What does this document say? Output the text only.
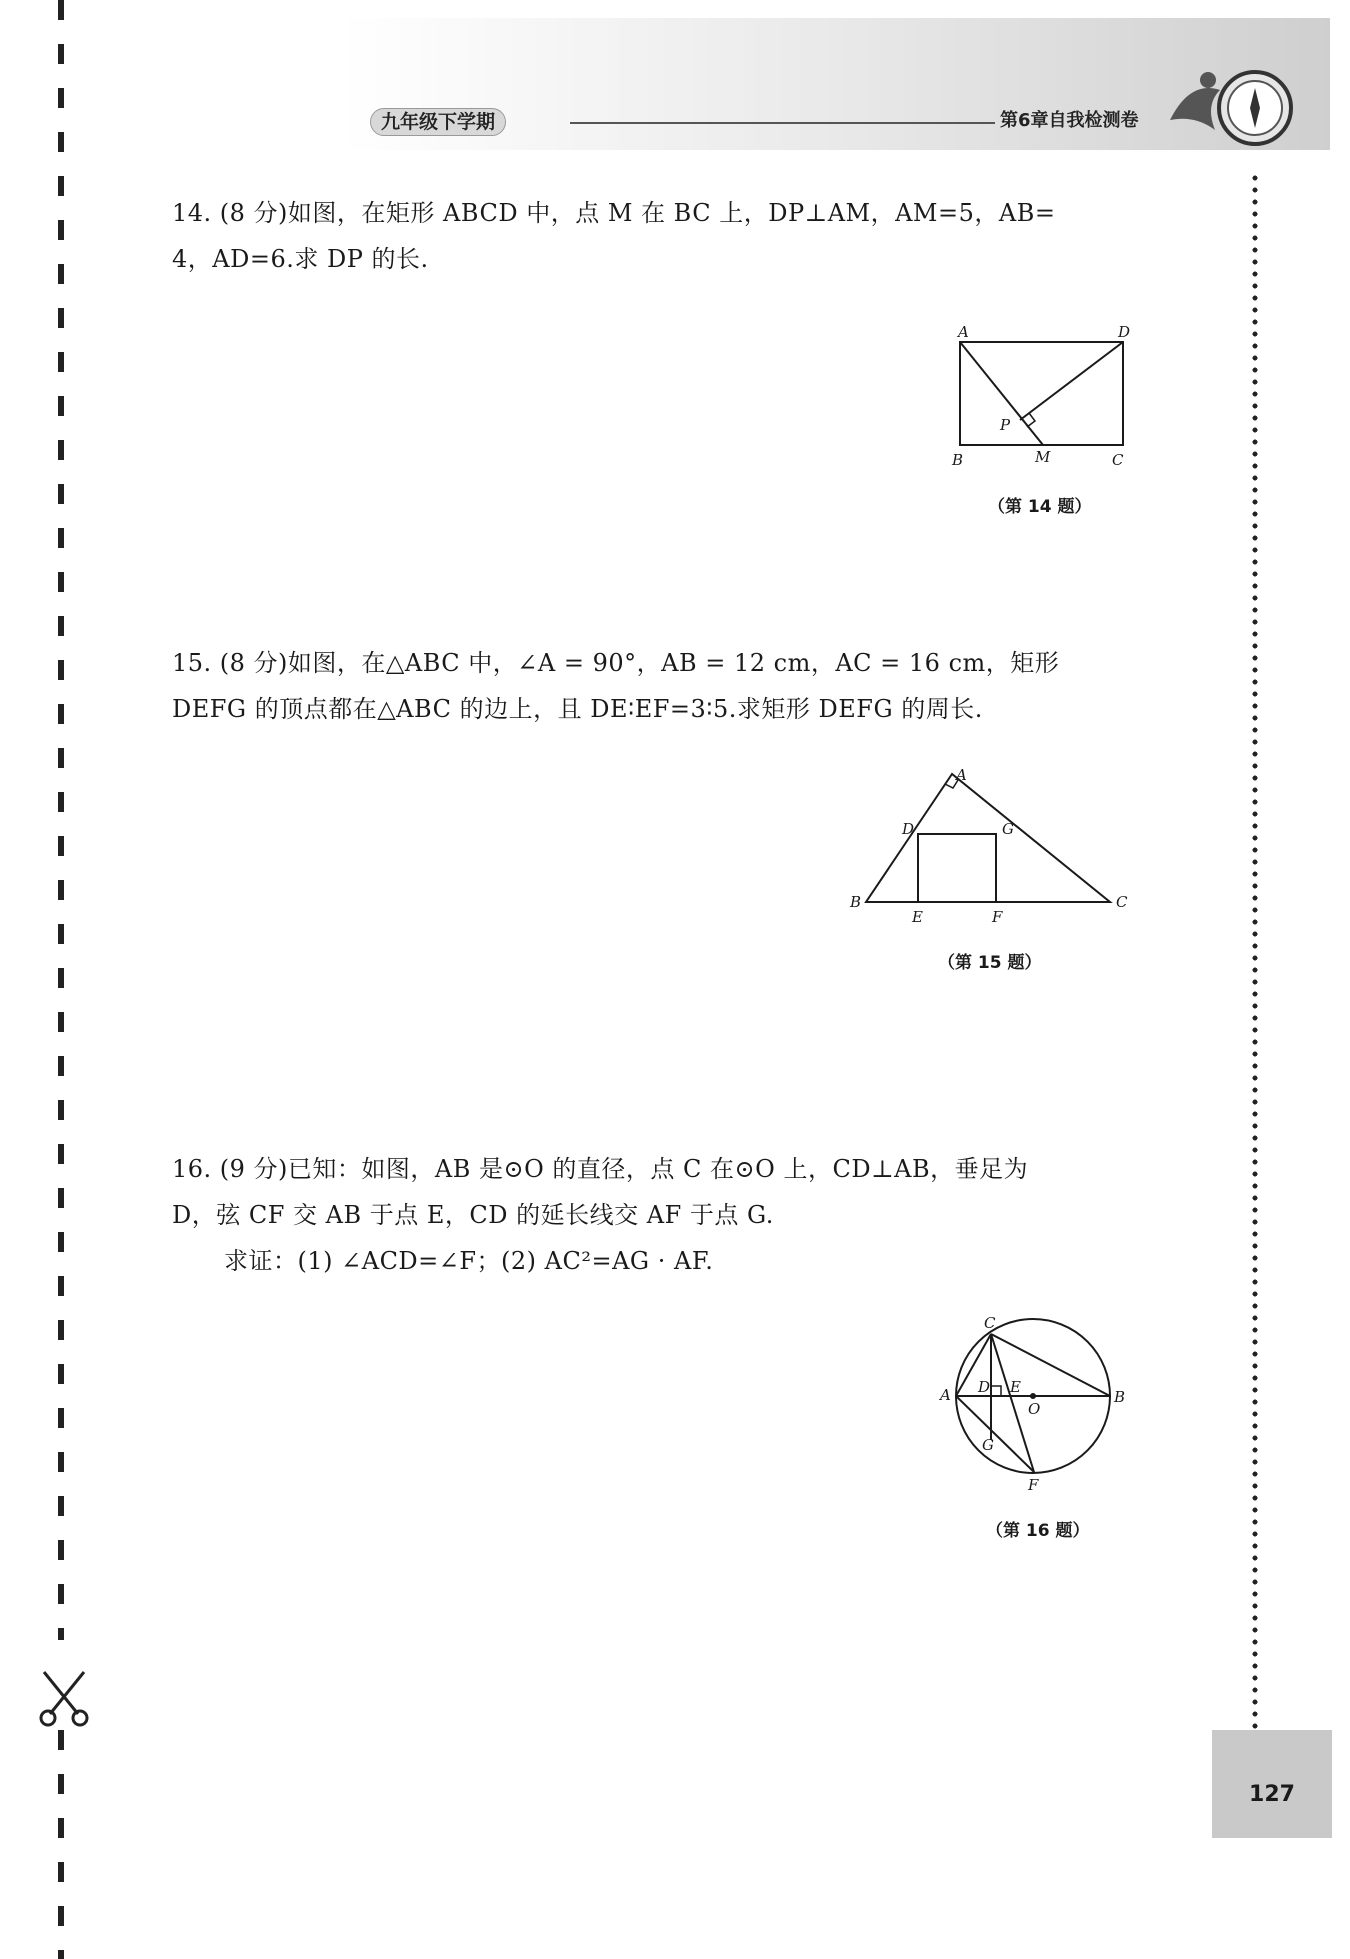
九年级下学期	第6章自我检测卷
127
14. (8 分)如图，在矩形 ABCD 中，点 M 在 BC 上，DP⊥AM，AM=5，AB=
4，AD=6.求 DP 的长.
A	D
P
B	M	C
（第 14 题）
15. (8 分)如图，在△ABC 中，∠A = 90°，AB = 12 cm，AC = 16 cm，矩形
DEFG 的顶点都在△ABC 的边上，且 DE∶EF=3∶5.求矩形 DEFG 的周长.
A
D	G
B
E	F
C
（第 15 题）
16. (9 分)已知：如图，AB 是⊙O 的直径，点 C 在⊙O 上，CD⊥AB，垂足为
D，弦 CF 交 AB 于点 E，CD 的延长线交 AF 于点 G.
求证：(1) ∠ACD=∠F；(2) AC²=AG · AF.
C
A D E
O
B
G
F
（第 16 题）
